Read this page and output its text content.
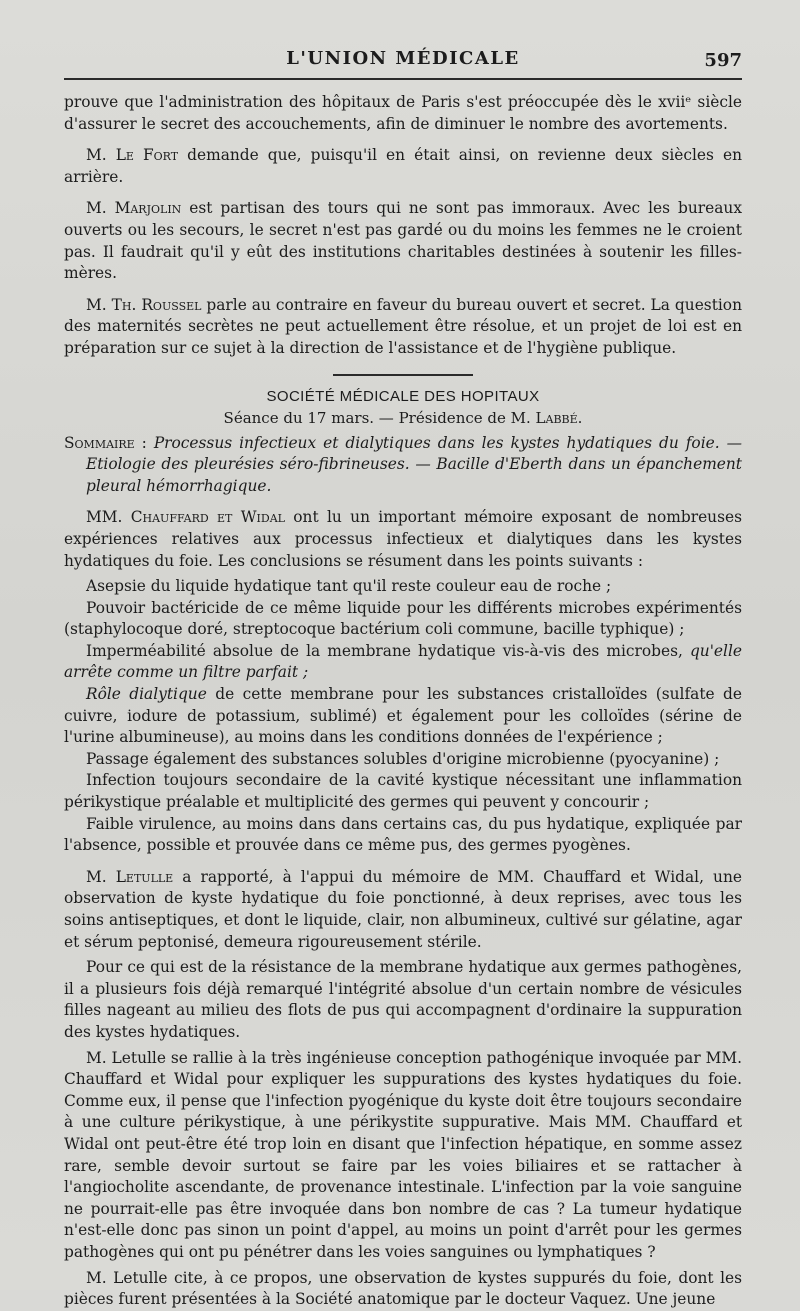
L'UNION MÉDICALE	597

prouve que l'administration des hôpitaux de Paris s'est préoccupée dès le xviiᵉ siècle d'assurer le secret des accouchements, afin de diminuer le nombre des avortements.

M. Le Fort demande que, puisqu'il en était ainsi, on revienne deux siècles en arrière.

M. Marjolin est partisan des tours qui ne sont pas immoraux. Avec les bureaux ouverts ou les secours, le secret n'est pas gardé ou du moins les femmes ne le croient pas. Il faudrait qu'il y eût des institutions charitables destinées à soutenir les filles-mères.

M. Th. Roussel parle au contraire en faveur du bureau ouvert et secret. La question des maternités secrètes ne peut actuellement être résolue, et un projet de loi est en préparation sur ce sujet à la direction de l'assistance et de l'hygiène publique.

SOCIÉTÉ MÉDICALE DES HOPITAUX
Séance du 17 mars. — Présidence de M. Labbé.
Sommaire : Processus infectieux et dialytiques dans les kystes hydatiques du foie. — Etiologie des pleurésies séro-fibrineuses. — Bacille d'Eberth dans un épanchement pleural hémorrhagique.

MM. Chauffard et Widal ont lu un important mémoire exposant de nombreuses expériences relatives aux processus infectieux et dialytiques dans les kystes hydatiques du foie. Les conclusions se résument dans les points suivants :

Asepsie du liquide hydatique tant qu'il reste couleur eau de roche ;
Pouvoir bactéricide de ce même liquide pour les différents microbes expérimentés (staphylocoque doré, streptocoque bactérium coli commune, bacille typhique) ;
Imperméabilité absolue de la membrane hydatique vis-à-vis des microbes, qu'elle arrête comme un filtre parfait ;
Rôle dialytique de cette membrane pour les substances cristalloïdes (sulfate de cuivre, iodure de potassium, sublimé) et également pour les colloïdes (sérine de l'urine albumineuse), au moins dans les conditions données de l'expérience ;
Passage également des substances solubles d'origine microbienne (pyocyanine) ;
Infection toujours secondaire de la cavité kystique nécessitant une inflammation périkystique préalable et multiplicité des germes qui peuvent y concourir ;
Faible virulence, au moins dans dans certains cas, du pus hydatique, expliquée par l'absence, possible et prouvée dans ce même pus, des germes pyogènes.

M. Letulle a rapporté, à l'appui du mémoire de MM. Chauffard et Widal, une observation de kyste hydatique du foie ponctionné, à deux reprises, avec tous les soins antiseptiques, et dont le liquide, clair, non albumineux, cultivé sur gélatine, agar et sérum peptonisé, demeura rigoureusement stérile.

Pour ce qui est de la résistance de la membrane hydatique aux germes pathogènes, il a plusieurs fois déjà remarqué l'intégrité absolue d'un certain nombre de vésicules filles nageant au milieu des flots de pus qui accompagnent d'ordinaire la suppuration des kystes hydatiques.

M. Letulle se rallie à la très ingénieuse conception pathogénique invoquée par MM. Chauffard et Widal pour expliquer les suppurations des kystes hydatiques du foie. Comme eux, il pense que l'infection pyogénique du kyste doit être toujours secondaire à une culture périkystique, à une périkystite suppurative. Mais MM. Chauffard et Widal ont peut-être été trop loin en disant que l'infection hépatique, en somme assez rare, semble devoir surtout se faire par les voies biliaires et se rattacher à l'angiocholite ascendante, de provenance intestinale. L'infection par la voie sanguine ne pourrait-elle pas être invoquée dans bon nombre de cas ? La tumeur hydatique n'est-elle donc pas sinon un point d'appel, au moins un point d'arrêt pour les germes pathogènes qui ont pu pénétrer dans les voies sanguines ou lymphatiques ?

M. Letulle cite, à ce propos, une observation de kystes suppurés du foie, dont les pièces furent présentées à la Société anatomique par le docteur Vaquez. Une jeune
